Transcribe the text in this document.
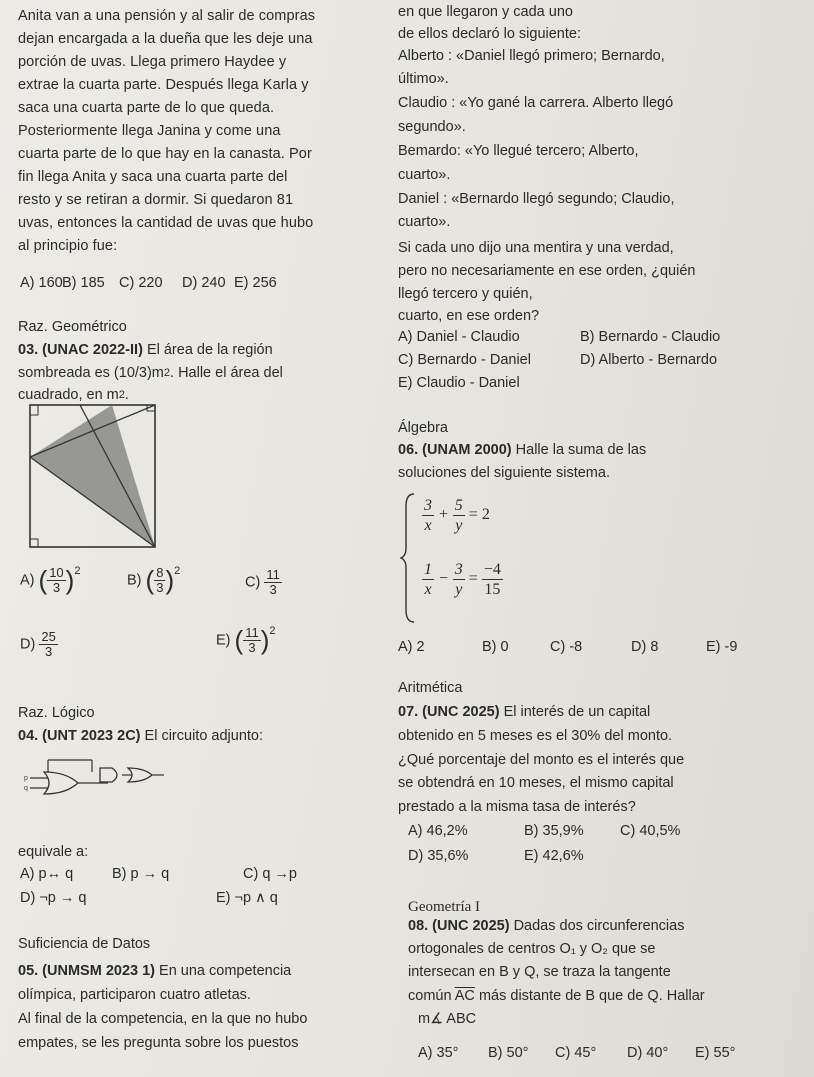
Anita van a una pensión y al salir de compras
dejan encargada a la dueña que les deje una
porción de uvas. Llega primero Haydee y
extrae la cuarta parte. Después llega Karla y
saca una cuarta parte de lo que queda.
Posteriormente llega Janina y come una
cuarta parte de lo que hay en la canasta. Por
fin llega Anita y saca una cuarta parte del
resto y se retiran a dormir. Si quedaron 81
uvas, entonces la cantidad de uvas que hubo
al principio fue:
A) 160 B) 185 C) 220 D) 240 E) 256
Raz. Geométrico
03. (UNAC 2022-II) El área de la región
sombreada es $(10/3)m^2$. Halle el área del
cuadrado, en $m^2$.
A) ( $\frac{10}{3} )^2$
B) ( $\frac{8}{3} )^2$
$C) \frac{11}{3}$
$D) \frac{25}{3}$	E) ( $\frac{11}{3} )^2$
Raz. Lógico
04. (UNT 2023 2C) El circuito adjunto:
p
q
equivale a:
A) p↔ q	B) p → q	C) q →p
D) ¬p → q	E) ¬p ∧ q
Suficiencia de Datos
05. (UNMSM 2023 1) En una competencia
olímpica, participaron cuatro atletas.
Al final de la competencia, en la que no hubo
empates, se les pregunta sobre los puestos
en que llegaron y cada uno
de ellos declaró lo siguiente:
Alberto : «Daniel llegó primero; Bernardo,
último».
Claudio : «Yo gané la carrera. Alberto llegó
segundo».
Bemardo: «Yo llegué tercero; Alberto,
cuarto».
Daniel : «Bernardo llegó segundo; Claudio,
cuarto».
Si cada uno dijo una mentira y una verdad,
pero no necesariamente en ese orden, ¿quién
llegó tercero y quién,
cuarto, en ese orden?
A) Daniel - Claudio	B) Bernardo - Claudio
C) Bernardo - Daniel	D) Alberto - Bernardo
E) Claudio - Daniel
Álgebra
06. (UNAM 2000) Halle la suma de las
soluciones del siguiente sistema.
$\frac{3}{x} + \frac{5}{y} = 2$
$\frac{1}{x} - \frac{3}{y} = \frac{-4}{15}$
A) 2	B) 0	C) -8	D) 8	E) -9
Aritmética
07. (UNC 2025) El interés de un capital
obtenido en 5 meses es el 30% del monto.
¿Qué porcentaje del monto es el interés que
se obtendrá en 10 meses, el mismo capital
prestado a la misma tasa de interés?
A) 46,2%	B) 35,9%	C) 40,5%
D) 35,6%	E) 42,6%
Geometría I
08. (UNC 2025) Dadas dos circunferencias
ortogonales de centros O₁ y O₂ que se
intersecan en B y Q, se traza la tangente
común $\overline{AC}$ más distante de B que de Q. Hallar
m∡ ABC
A) 35° B) 50° C) 45° D) 40° E) 55°
